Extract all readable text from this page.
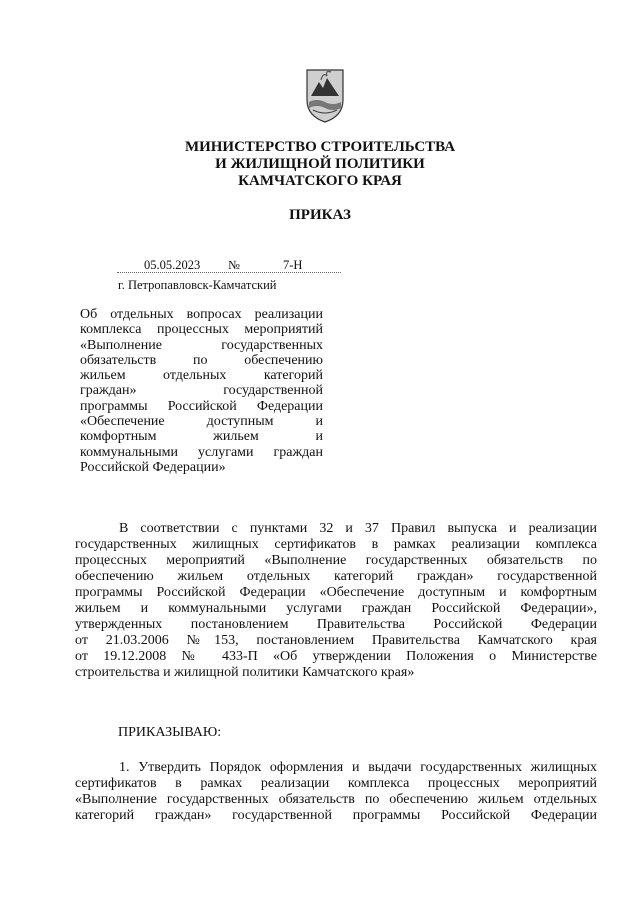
МИНИСТЕРСТВО СТРОИТЕЛЬСТВА
И ЖИЛИЩНОЙ ПОЛИТИКИ
КАМЧАТСКОГО КРАЯ
ПРИКАЗ
05.05.2023 №	7-Н
г. Петропавловск-Камчатский
Об отдельных вопросах реализации
комплекса процессных мероприятий
«Выполнение государственных
обязательств по обеспечению
жильем отдельных категорий
граждан» государственной
программы Российской Федерации
«Обеспечение доступным и
комфортным жильем и
коммунальными услугами граждан
Российской Федерации»
В соответствии с пунктами 32 и 37 Правил выпуска и реализации
государственных жилищных сертификатов в рамках реализации комплекса
процессных мероприятий «Выполнение государственных обязательств по
обеспечению жильем отдельных категорий граждан» государственной
программы Российской Федерации «Обеспечение доступным и комфортным
жильем и коммунальными услугами граждан Российской Федерации»,
утвержденных постановлением Правительства Российской Федерации
от 21.03.2006 №153, постановлением Правительства Камчатского края
от 19.12.2008 № 433-П «Об утверждении Положения о Министерстве
строительства и жилищной политики Камчатского края»
ПРИКАЗЫВАЮ:
1. Утвердить Порядок оформления и выдачи государственных жилищных
сертификатов в рамках реализации комплекса процессных мероприятий
«Выполнение государственных обязательств по обеспечению жильем отдельных
категорий граждан» государственной программы Российской Федерации
